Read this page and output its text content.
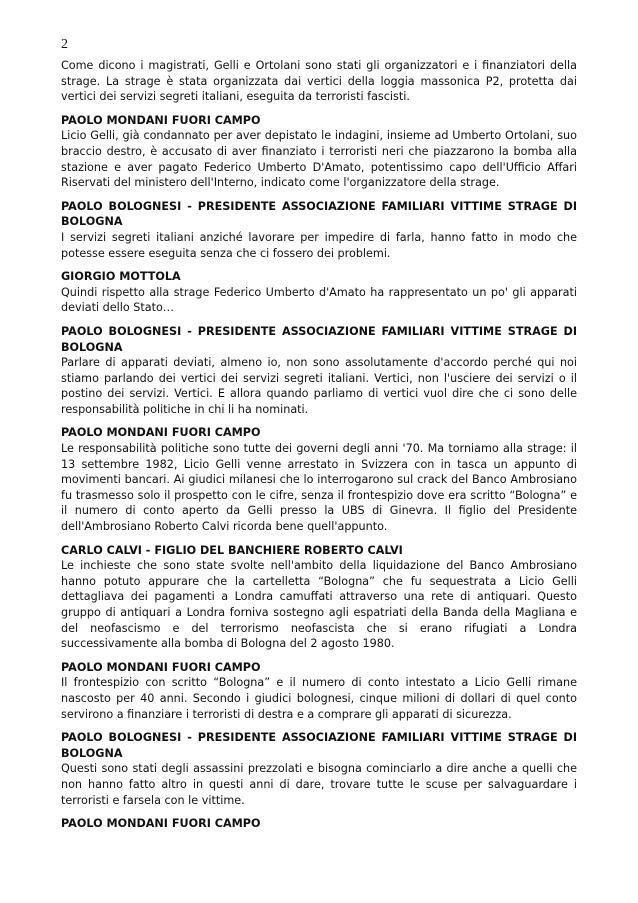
2

Come dicono i magistrati, Gelli e Ortolani sono stati gli organizzatori e i finanziatori della strage. La strage è stata organizzata dai vertici della loggia massonica P2, protetta dai vertici dei servizi segreti italiani, eseguita da terroristi fascisti.

PAOLO MONDANI FUORI CAMPO

Licio Gelli, già condannato per aver depistato le indagini, insieme ad Umberto Ortolani, suo braccio destro, è accusato di aver finanziato i terroristi neri che piazzarono la bomba alla stazione e aver pagato Federico Umberto D'Amato, potentissimo capo dell'Ufficio Affari Riservati del ministero dell'Interno, indicato come l'organizzatore della strage.

PAOLO BOLOGNESI - PRESIDENTE ASSOCIAZIONE FAMILIARI VITTIME STRAGE DI BOLOGNA

I servizi segreti italiani anziché lavorare per impedire di farla, hanno fatto in modo che potesse essere eseguita senza che ci fossero dei problemi.

GIORGIO MOTTOLA

Quindi rispetto alla strage Federico Umberto d'Amato ha rappresentato un po' gli apparati deviati dello Stato…

PAOLO BOLOGNESI - PRESIDENTE ASSOCIAZIONE FAMILIARI VITTIME STRAGE DI BOLOGNA

Parlare di apparati deviati, almeno io, non sono assolutamente d'accordo perché qui noi stiamo parlando dei vertici dei servizi segreti italiani. Vertici, non l'usciere dei servizi o il postino dei servizi. Vertici. E allora quando parliamo di vertici vuol dire che ci sono delle responsabilità politiche in chi li ha nominati.

PAOLO MONDANI FUORI CAMPO

Le responsabilità politiche sono tutte dei governi degli anni '70. Ma torniamo alla strage: il 13 settembre 1982, Licio Gelli venne arrestato in Svizzera con in tasca un appunto di movimenti bancari. Ai giudici milanesi che lo interrogarono sul crack del Banco Ambrosiano fu trasmesso solo il prospetto con le cifre, senza il frontespizio dove era scritto “Bologna” e il numero di conto aperto da Gelli presso la UBS di Ginevra. Il figlio del Presidente dell'Ambrosiano Roberto Calvi ricorda bene quell'appunto.

CARLO CALVI - FIGLIO DEL BANCHIERE ROBERTO CALVI

Le inchieste che sono state svolte nell'ambito della liquidazione del Banco Ambrosiano hanno potuto appurare che la cartelletta “Bologna” che fu sequestrata a Licio Gelli dettagliava dei pagamenti a Londra camuffati attraverso una rete di antiquari. Questo gruppo di antiquari a Londra forniva sostegno agli espatriati della Banda della Magliana e del neofascismo e del terrorismo neofascista che si erano rifugiati a Londra successivamente alla bomba di Bologna del 2 agosto 1980.

PAOLO MONDANI FUORI CAMPO

Il frontespizio con scritto “Bologna” e il numero di conto intestato a Licio Gelli rimane nascosto per 40 anni. Secondo i giudici bolognesi, cinque milioni di dollari di quel conto servirono a finanziare i terroristi di destra e a comprare gli apparati di sicurezza.

PAOLO BOLOGNESI - PRESIDENTE ASSOCIAZIONE FAMILIARI VITTIME STRAGE DI BOLOGNA

Questi sono stati degli assassini prezzolati e bisogna cominciarlo a dire anche a quelli che non hanno fatto altro in questi anni di dare, trovare tutte le scuse per salvaguardare i terroristi e farsela con le vittime.

PAOLO MONDANI FUORI CAMPO
